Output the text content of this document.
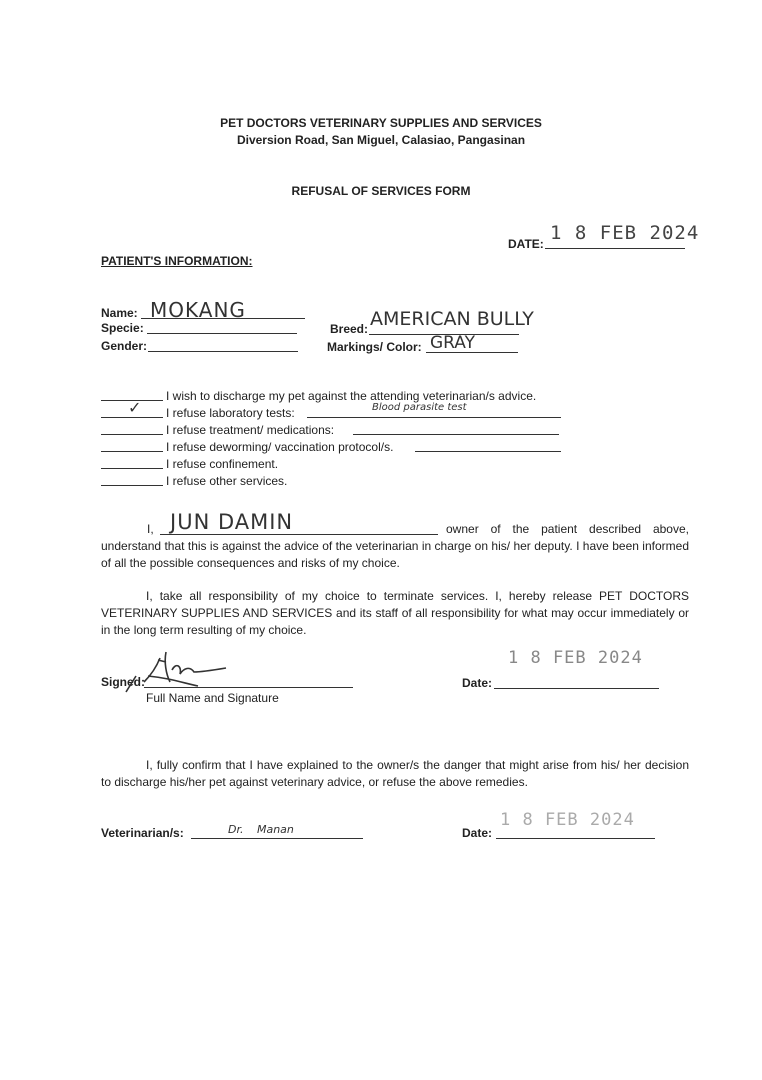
PET DOCTORS VETERINARY SUPPLIES AND SERVICES
Diversion Road, San Miguel, Calasiao, Pangasinan
REFUSAL OF SERVICES FORM
DATE: 1 8 FEB 2024
PATIENT'S INFORMATION:
Name: MOKANG
Specie:
Gender:
Breed: AMERICAN BULLY
Markings/ Color: GRAY
I wish to discharge my pet against the attending veterinarian/s advice.
✓ I refuse laboratory tests:	Blood parasite test
I refuse treatment/ medications:
I refuse deworming/ vaccination protocol/s.
I refuse confinement.
I refuse other services.
I, JUN DAMIN	owner of the patient described above,
understand that this is against the advice of the veterinarian in charge on his/ her deputy. I have been informed of all the possible consequences and risks of my choice.
I, take all responsibility of my choice to terminate services. I, hereby release PET DOCTORS VETERINARY SUPPLIES AND SERVICES and its staff of all responsibility for what may occur immediately or in the long term resulting of my choice.
Signed:
Full Name and Signature
Date:
1 8 FEB 2024
I, fully confirm that I have explained to the owner/s the danger that might arise from his/ her decision to discharge his/her pet against veterinary advice, or refuse the above remedies.
Veterinarian/s:	Dr. Manan	Date:
1 8 FEB 2024
